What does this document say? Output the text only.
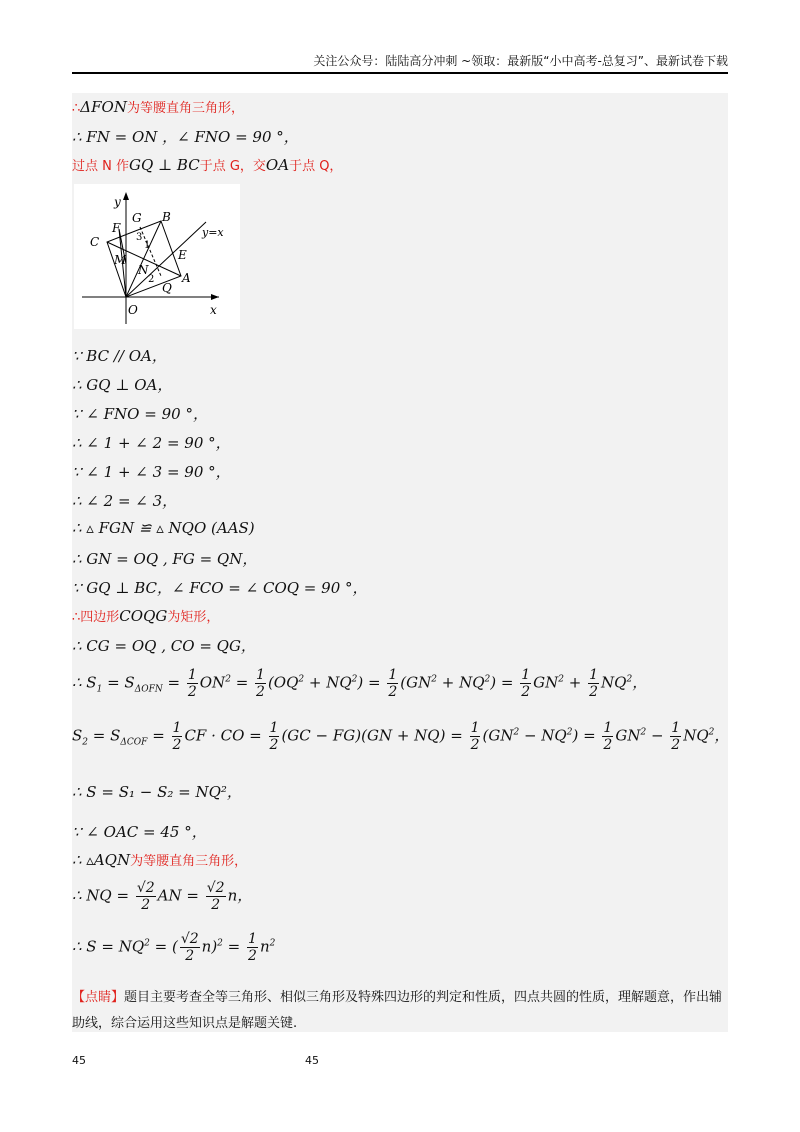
关注公众号：陆陆高分冲刺 ~领取：最新版“小中高考-总复习”、最新试卷下载
∴ΔFON为等腰直角三角形，
∴ FN = ON ，∠ FNO = 90 °，
过点 N 作GQ ⊥ BC于点 G，交OA于点 Q，
y
x
O
C
F
G B
M	E
N
A
Q
1
2
3	y=x
∵ BC // OA，
∴ GQ ⊥ OA，
∵ ∠ FNO = 90 °，
∴ ∠ 1 + ∠ 2 = 90 °，
∵ ∠ 1 + ∠ 3 = 90 °，
∴ ∠ 2 = ∠ 3，
∴ ▵ FGN ≌ ▵ NQO (AAS)
∴ GN = OQ , FG = QN，
∵ GQ ⊥ BC，∠ FCO = ∠ COQ = 90 °，
∴四边形COQG为矩形，
∴ CG = OQ , CO = QG，
∴ $S_1 = S_{\Delta OFN} = \frac{1}{2} ON^2 = \frac{1}{2} (OQ^2 + NQ^2) = \frac{1}{2} (GN^2 + NQ^2) = \frac{1}{2} GN^2 + \frac{1}{2} NQ^2$，
$S_2 = S_{\Delta COF} = \frac{1}{2}$ CF · CO = $\frac{1}{2} (GC - FG)(GN + NQ) = \frac{1}{2} (GN^2 - NQ^2) = \frac{1}{2} GN^2 - \frac{1}{2} NQ^2$，
∴ S = S₁ − S₂ = NQ²，
∵ ∠ OAC = 45 °，
∴ ▵AQN为等腰直角三角形，
∴ NQ = $\frac{√2}{2}$ AN = $\frac{√2}{2}$ n，
∴ $S = NQ^2$ = ( $\frac{√2}{2} n)^2 = \frac{1}{2} n^2$
【点睛】题目主要考查全等三角形、相似三角形及特殊四边形的判定和性质，四点共圆的性质，理解题意，作出辅助线，综合运用这些知识点是解题关键.
45	45
